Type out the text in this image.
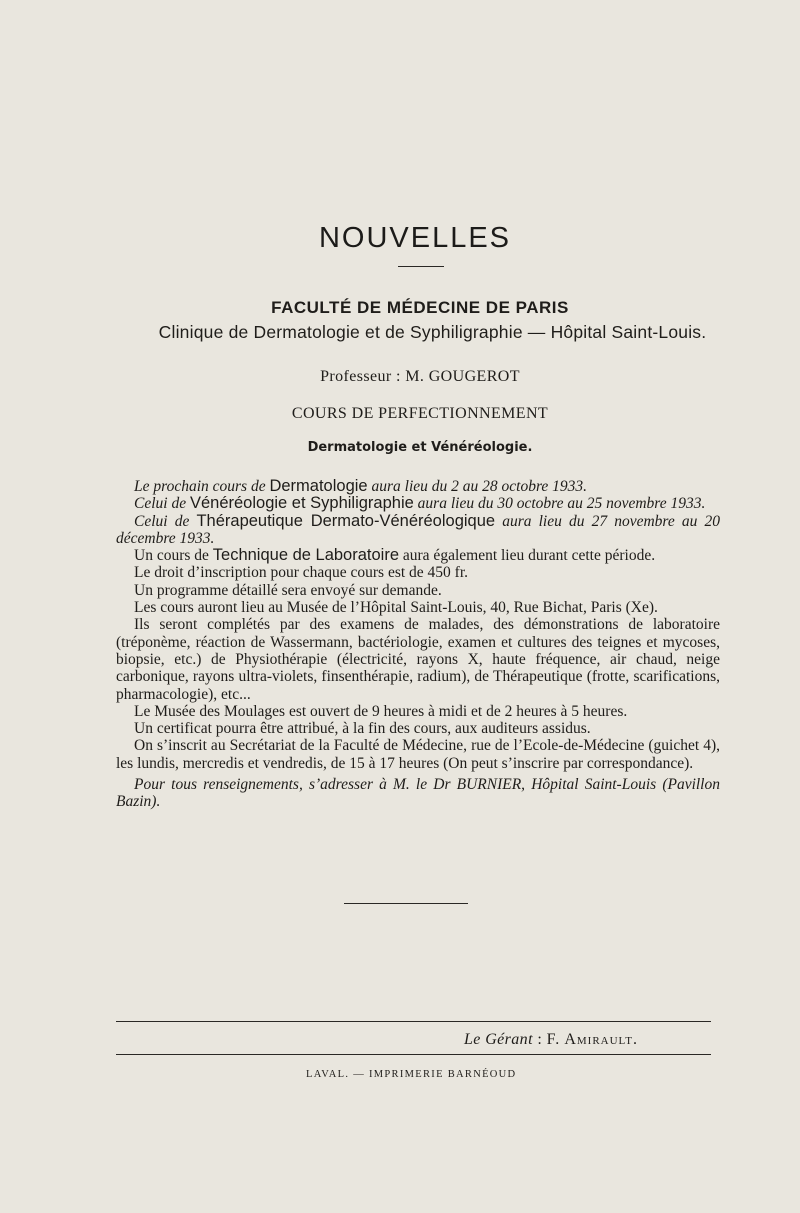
NOUVELLES
FACULTÉ DE MÉDECINE DE PARIS
Clinique de Dermatologie et de Syphiligraphie — Hôpital Saint-Louis.
Professeur : M. GOUGEROT
COURS DE PERFECTIONNEMENT
Dermatologie et Vénéréologie.

Le prochain cours de Dermatologie aura lieu du 2 au 28 octobre 1933.

Celui de Vénéréologie et Syphiligraphie aura lieu du 30 octobre au 25 novembre 1933.

Celui de Thérapeutique Dermato-Vénéréologique aura lieu du 27 novembre au 20 décembre 1933.

Un cours de Technique de Laboratoire aura également lieu durant cette période.

Le droit d’inscription pour chaque cours est de 450 fr.

Un programme détaillé sera envoyé sur demande.

Les cours auront lieu au Musée de l’Hôpital Saint-Louis, 40, Rue Bichat, Paris (Xe).

Ils seront complétés par des examens de malades, des démonstrations de laboratoire (tréponème, réaction de Wassermann, bactériologie, examen et cultures des teignes et mycoses, biopsie, etc.) de Physiothérapie (électricité, rayons X, haute fréquence, air chaud, neige carbonique, rayons ultra-violets, finsenthérapie, radium), de Thérapeutique (frotte, scarifications, pharmacologie), etc...

Le Musée des Moulages est ouvert de 9 heures à midi et de 2 heures à 5 heures.

Un certificat pourra être attribué, à la fin des cours, aux auditeurs assidus.

On s’inscrit au Secrétariat de la Faculté de Médecine, rue de l’Ecole-de-Médecine (guichet 4), les lundis, mercredis et vendredis, de 15 à 17 heures (On peut s’inscrire par correspondance).

Pour tous renseignements, s’adresser à M. le Dr BURNIER, Hôpital Saint-Louis (Pavillon Bazin).

Le Gérant : F. Amirault.
LAVAL. — IMPRIMERIE BARNÉOUD
